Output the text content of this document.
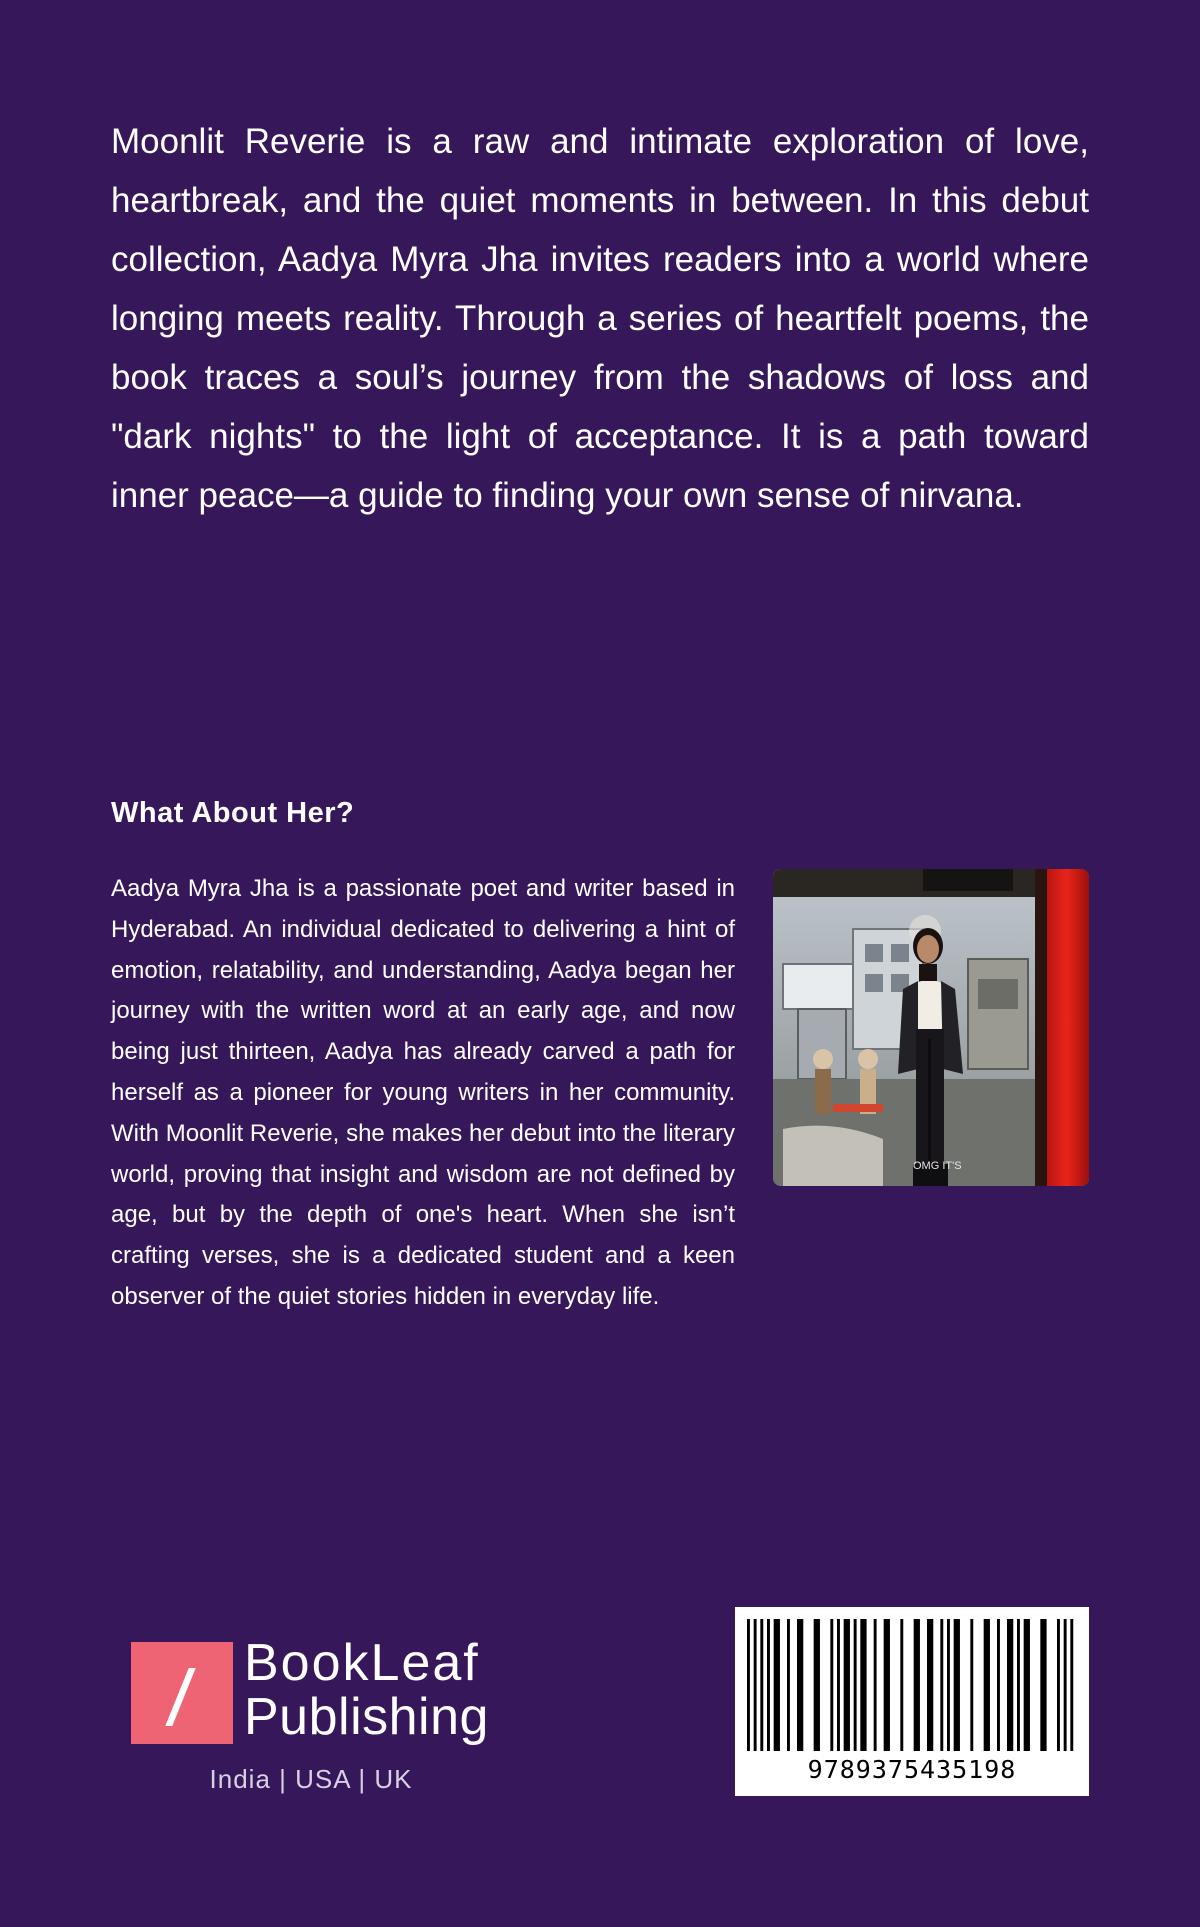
Moonlit Reverie is a raw and intimate exploration of love, heartbreak, and the quiet moments in between. In this debut collection, Aadya Myra Jha invites readers into a world where longing meets reality. Through a series of heartfelt poems, the book traces a soul’s journey from the shadows of loss and "dark nights" to the light of acceptance. It is a path toward inner peace—a guide to finding your own sense of nirvana.

What About Her?

Aadya Myra Jha is a passionate poet and writer based in Hyderabad. An individual dedicated to delivering a hint of emotion, relatability, and understanding, Aadya began her journey with the written word at an early age, and now being just thirteen, Aadya has already carved a path for herself as a pioneer for young writers in her community. With Moonlit Reverie, she makes her debut into the literary world, proving that insight and wisdom are not defined by age, but by the depth of one's heart. When she isn’t crafting verses, she is a dedicated student and a keen observer of the quiet stories hidden in everyday life.

OMG IT'S
BookLeaf
Publishing

India | USA | UK	9789375435198
